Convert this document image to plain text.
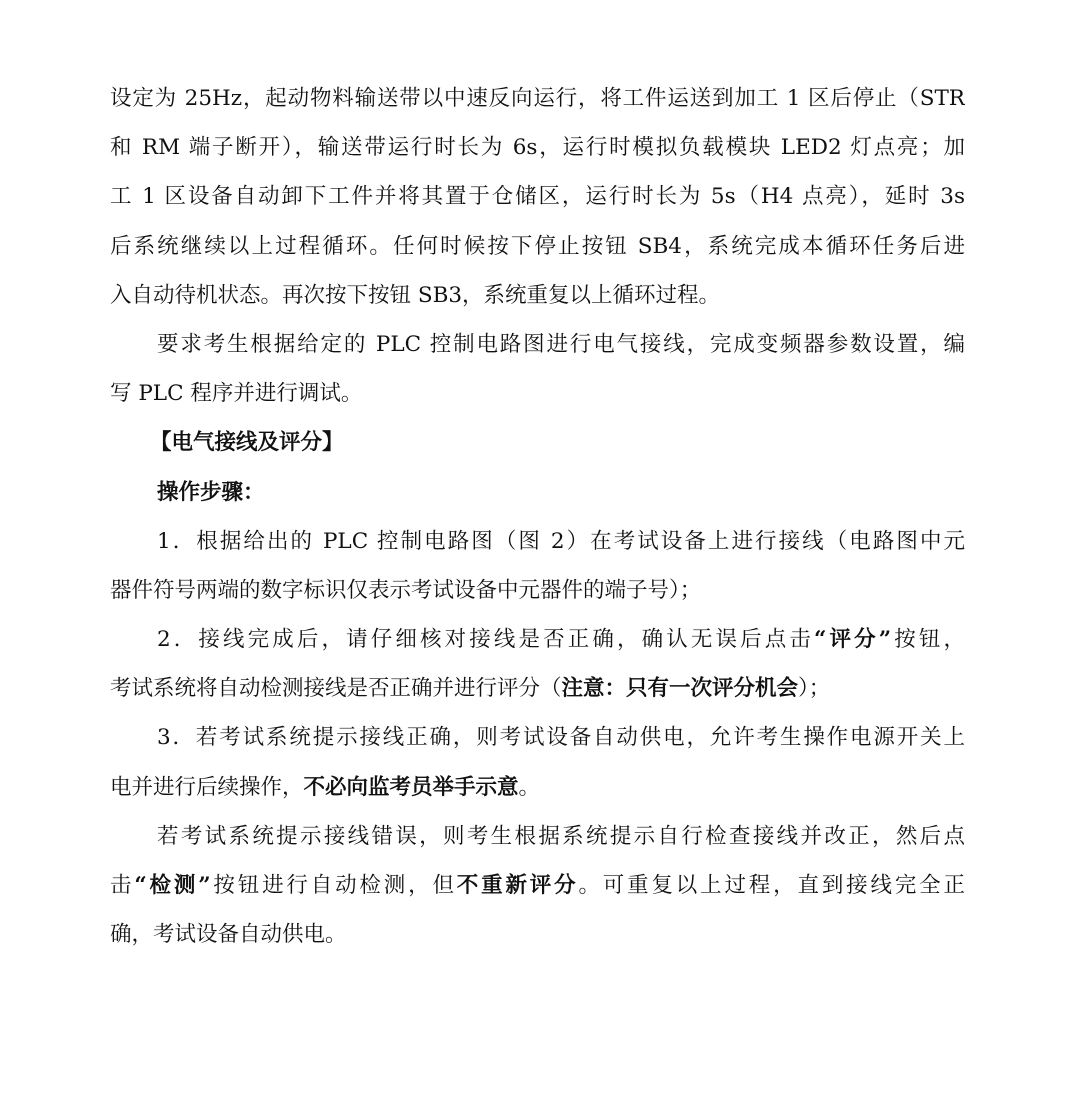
设定为 25Hz，起动物料输送带以中速反向运行，将工件运送到加工 1 区后停止（STR
和 RM 端子断开），输送带运行时长为 6s，运行时模拟负载模块 LED2 灯点亮；加
工 1 区设备自动卸下工件并将其置于仓储区，运行时长为 5s（H4 点亮），延时 3s
后系统继续以上过程循环。任何时候按下停止按钮 SB4，系统完成本循环任务后进
入自动待机状态。再次按下按钮 SB3，系统重复以上循环过程。
要求考生根据给定的 PLC 控制电路图进行电气接线，完成变频器参数设置，编
写 PLC 程序并进行调试。
【电气接线及评分】
操作步骤：
1．根据给出的 PLC 控制电路图（图 2）在考试设备上进行接线（电路图中元
器件符号两端的数字标识仅表示考试设备中元器件的端子号）；
2．接线完成后，请仔细核对接线是否正确，确认无误后点击“评分”按钮，
考试系统将自动检测接线是否正确并进行评分（注意：只有一次评分机会）；
3．若考试系统提示接线正确，则考试设备自动供电，允许考生操作电源开关上
电并进行后续操作，不必向监考员举手示意。
若考试系统提示接线错误，则考生根据系统提示自行检查接线并改正，然后点
击“检测”按钮进行自动检测，但不重新评分。可重复以上过程，直到接线完全正
确，考试设备自动供电。
